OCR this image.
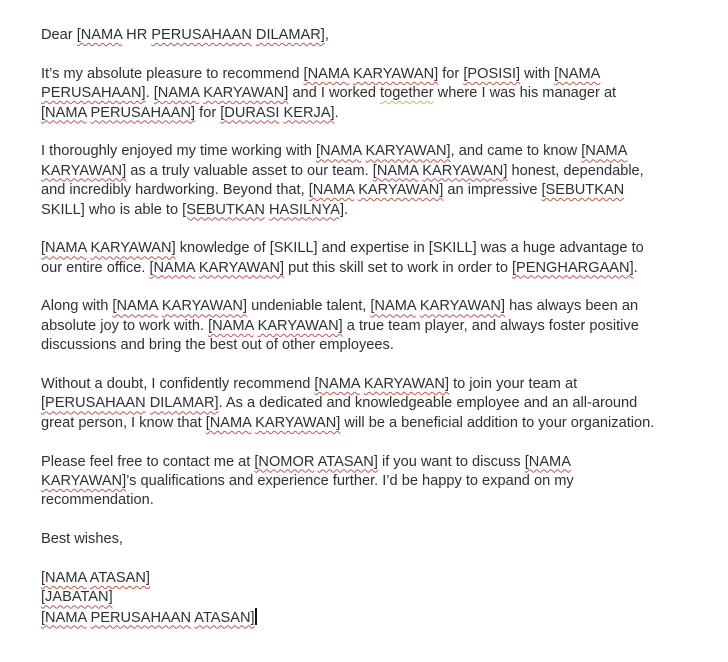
Dear [NAMA HR PERUSAHAAN DILAMAR],
It’s my absolute pleasure to recommend [NAMA KARYAWAN] for [POSISI] with [NAMA
PERUSAHAAN]. [NAMA KARYAWAN] and I worked together where I was his manager at
[NAMA PERUSAHAAN] for [DURASI KERJA].
I thoroughly enjoyed my time working with [NAMA KARYAWAN], and came to know [NAMA
KARYAWAN] as a truly valuable asset to our team. [NAMA KARYAWAN] honest, dependable,
and incredibly hardworking. Beyond that, [NAMA KARYAWAN] an impressive [SEBUTKAN
SKILL] who is able to [SEBUTKAN HASILNYA].
[NAMA KARYAWAN] knowledge of [SKILL] and expertise in [SKILL] was a huge advantage to
our entire office. [NAMA KARYAWAN] put this skill set to work in order to [PENGHARGAAN].
Along with [NAMA KARYAWAN] undeniable talent, [NAMA KARYAWAN] has always been an
absolute joy to work with. [NAMA KARYAWAN] a true team player, and always foster positive
discussions and bring the best out of other employees.
Without a doubt, I confidently recommend [NAMA KARYAWAN] to join your team at
[PERUSAHAAN DILAMAR]. As a dedicated and knowledgeable employee and an all-around
great person, I know that [NAMA KARYAWAN] will be a beneficial addition to your organization.
Please feel free to contact me at [NOMOR ATASAN] if you want to discuss [NAMA
KARYAWAN]’s qualifications and experience further. I’d be happy to expand on my
recommendation.
Best wishes,
[NAMA ATASAN]
[JABATAN]
[NAMA PERUSAHAAN ATASAN]
